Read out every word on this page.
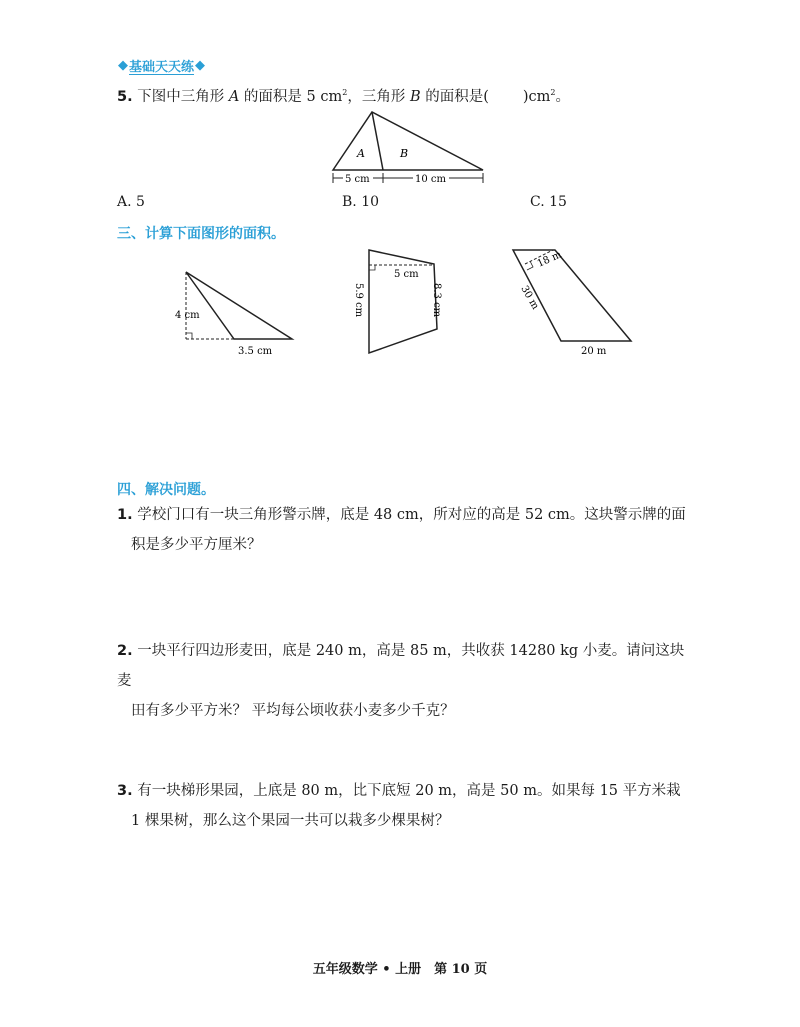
◆ 基础天天练 ◆
5. 下图中三角形 A 的面积是 5 $cm^2$，三角形 B 的面积是( )$cm^2$。
A	B
5 cm	10 cm
A. 5	B. 10	C. 15
三、计算下面图形的面积。
4 cm
3.5 cm
5 cm
5.9 cm	8.3 cm
18 m
30 m
20 m
四、解决问题。
1. 学校门口有一块三角形警示牌，底是 48 cm，所对应的高是 52 cm。这块警示牌的面
积是多少平方厘米？
2. 一块平行四边形麦田，底是 240 m，高是 85 m，共收获 14280 kg 小麦。请问这块麦
田有多少平方米？ 平均每公顷收获小麦多少千克？
3. 有一块梯形果园，上底是 80 m，比下底短 20 m，高是 50 m。如果每 15 平方米栽
1 棵果树，那么这个果园一共可以栽多少棵果树？
五年级数学 • 上册　第 10 页
